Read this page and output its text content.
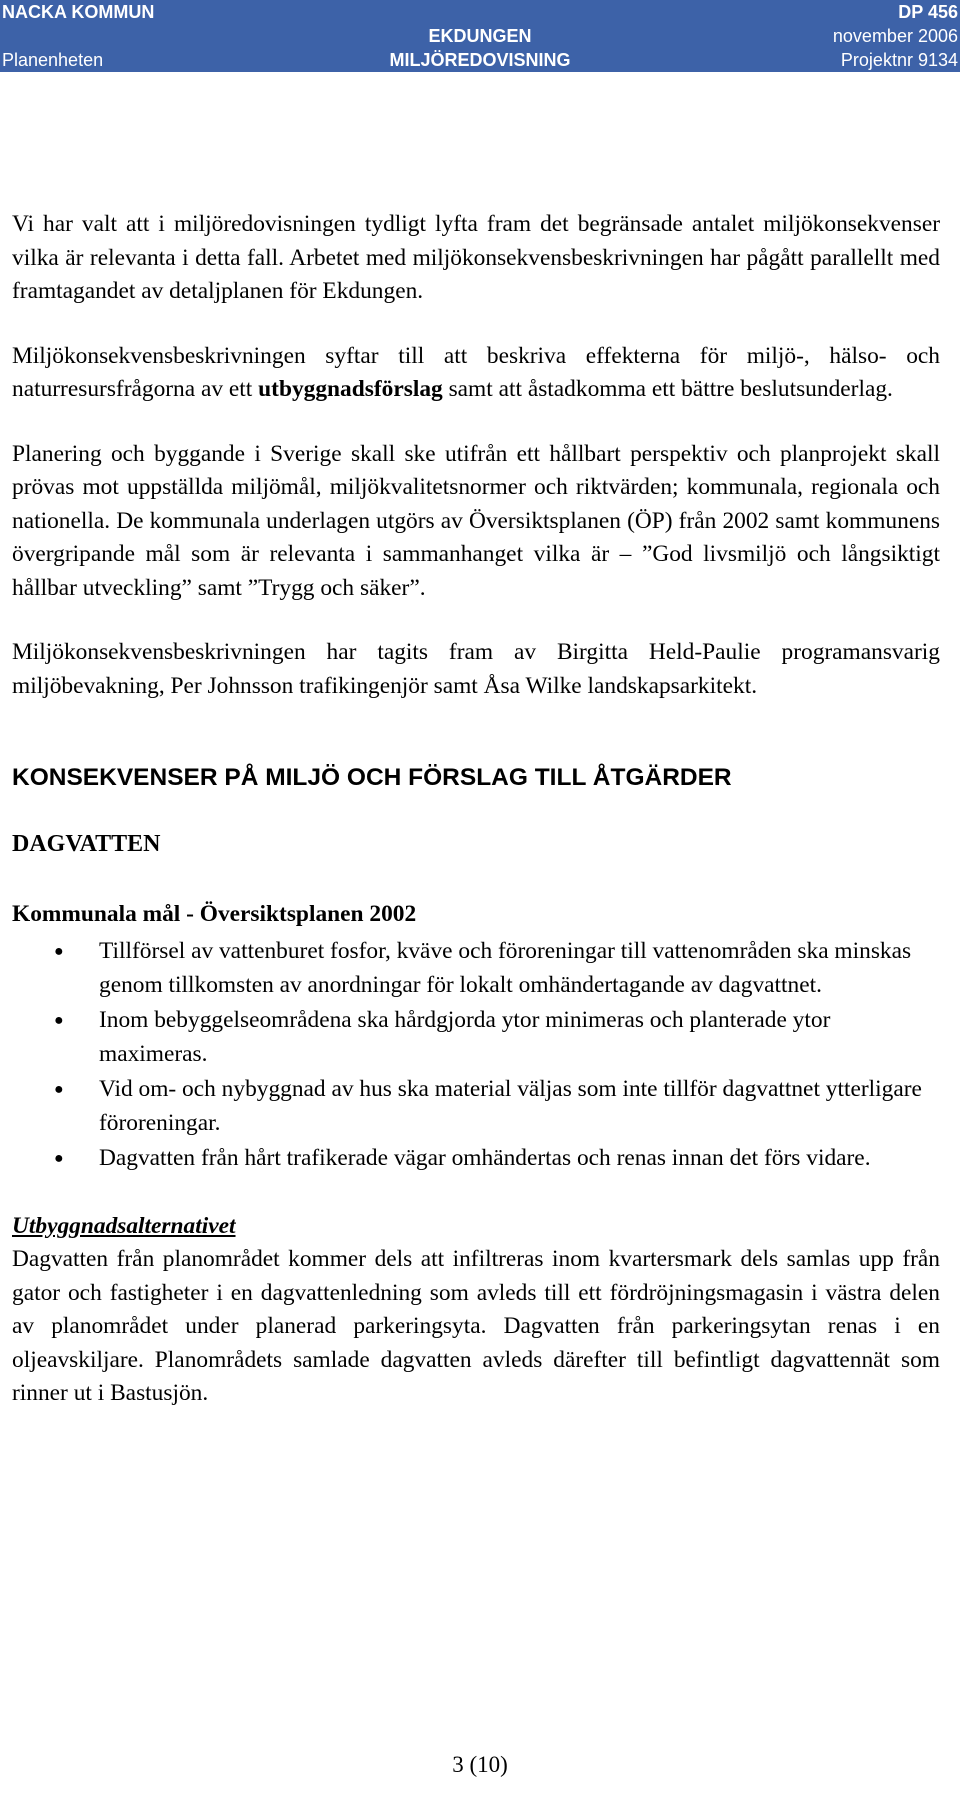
NACKA KOMMUN	DP 456
EKDUNGEN	november 2006
Planenheten	MILJÖREDOVISNING	Projektnr 9134

Vi har valt att i miljöredovisningen tydligt lyfta fram det begränsade antalet miljökonsekvenser vilka är relevanta i detta fall. Arbetet med miljökonsekvensbeskrivningen har pågått parallellt med framtagandet av detaljplanen för Ekdungen.

Miljökonsekvensbeskrivningen syftar till att beskriva effekterna för miljö-, hälso- och naturresursfrågorna av ett utbyggnadsförslag samt att åstadkomma ett bättre beslutsunderlag.

Planering och byggande i Sverige skall ske utifrån ett hållbart perspektiv och planprojekt skall prövas mot uppställda miljömål, miljökvalitetsnormer och riktvärden; kommunala, regionala och nationella. De kommunala underlagen utgörs av Översiktsplanen (ÖP) från 2002 samt kommunens övergripande mål som är relevanta i sammanhanget vilka är – ”God livsmiljö och långsiktigt hållbar utveckling” samt ”Trygg och säker”.

Miljökonsekvensbeskrivningen har tagits fram av Birgitta Held-Paulie programansvarig miljöbevakning, Per Johnsson trafikingenjör samt Åsa Wilke landskapsarkitekt.

KONSEKVENSER PÅ MILJÖ OCH FÖRSLAG TILL ÅTGÄRDER
DAGVATTEN
Kommunala mål - Översiktsplanen 2002
● Tillförsel av vattenburet fosfor, kväve och föroreningar till vattenområden ska minskas genom tillkomsten av anordningar för lokalt omhändertagande av dagvattnet.
● Inom bebyggelseområdena ska hårdgjorda ytor minimeras och planterade ytor maximeras.
● Vid om- och nybyggnad av hus ska material väljas som inte tillför dagvattnet ytterligare föroreningar.
● Dagvatten från hårt trafikerade vägar omhändertas och renas innan det förs vidare.
Utbyggnadsalternativet

Dagvatten från planområdet kommer dels att infiltreras inom kvartersmark dels samlas upp från gator och fastigheter i en dagvattenledning som avleds till ett fördröjningsmagasin i västra delen av planområdet under planerad parkeringsyta. Dagvatten från parkeringsytan renas i en oljeavskiljare. Planområdets samlade dagvatten avleds därefter till befintligt dagvattennät som rinner ut i Bastusjön.

3 (10)
